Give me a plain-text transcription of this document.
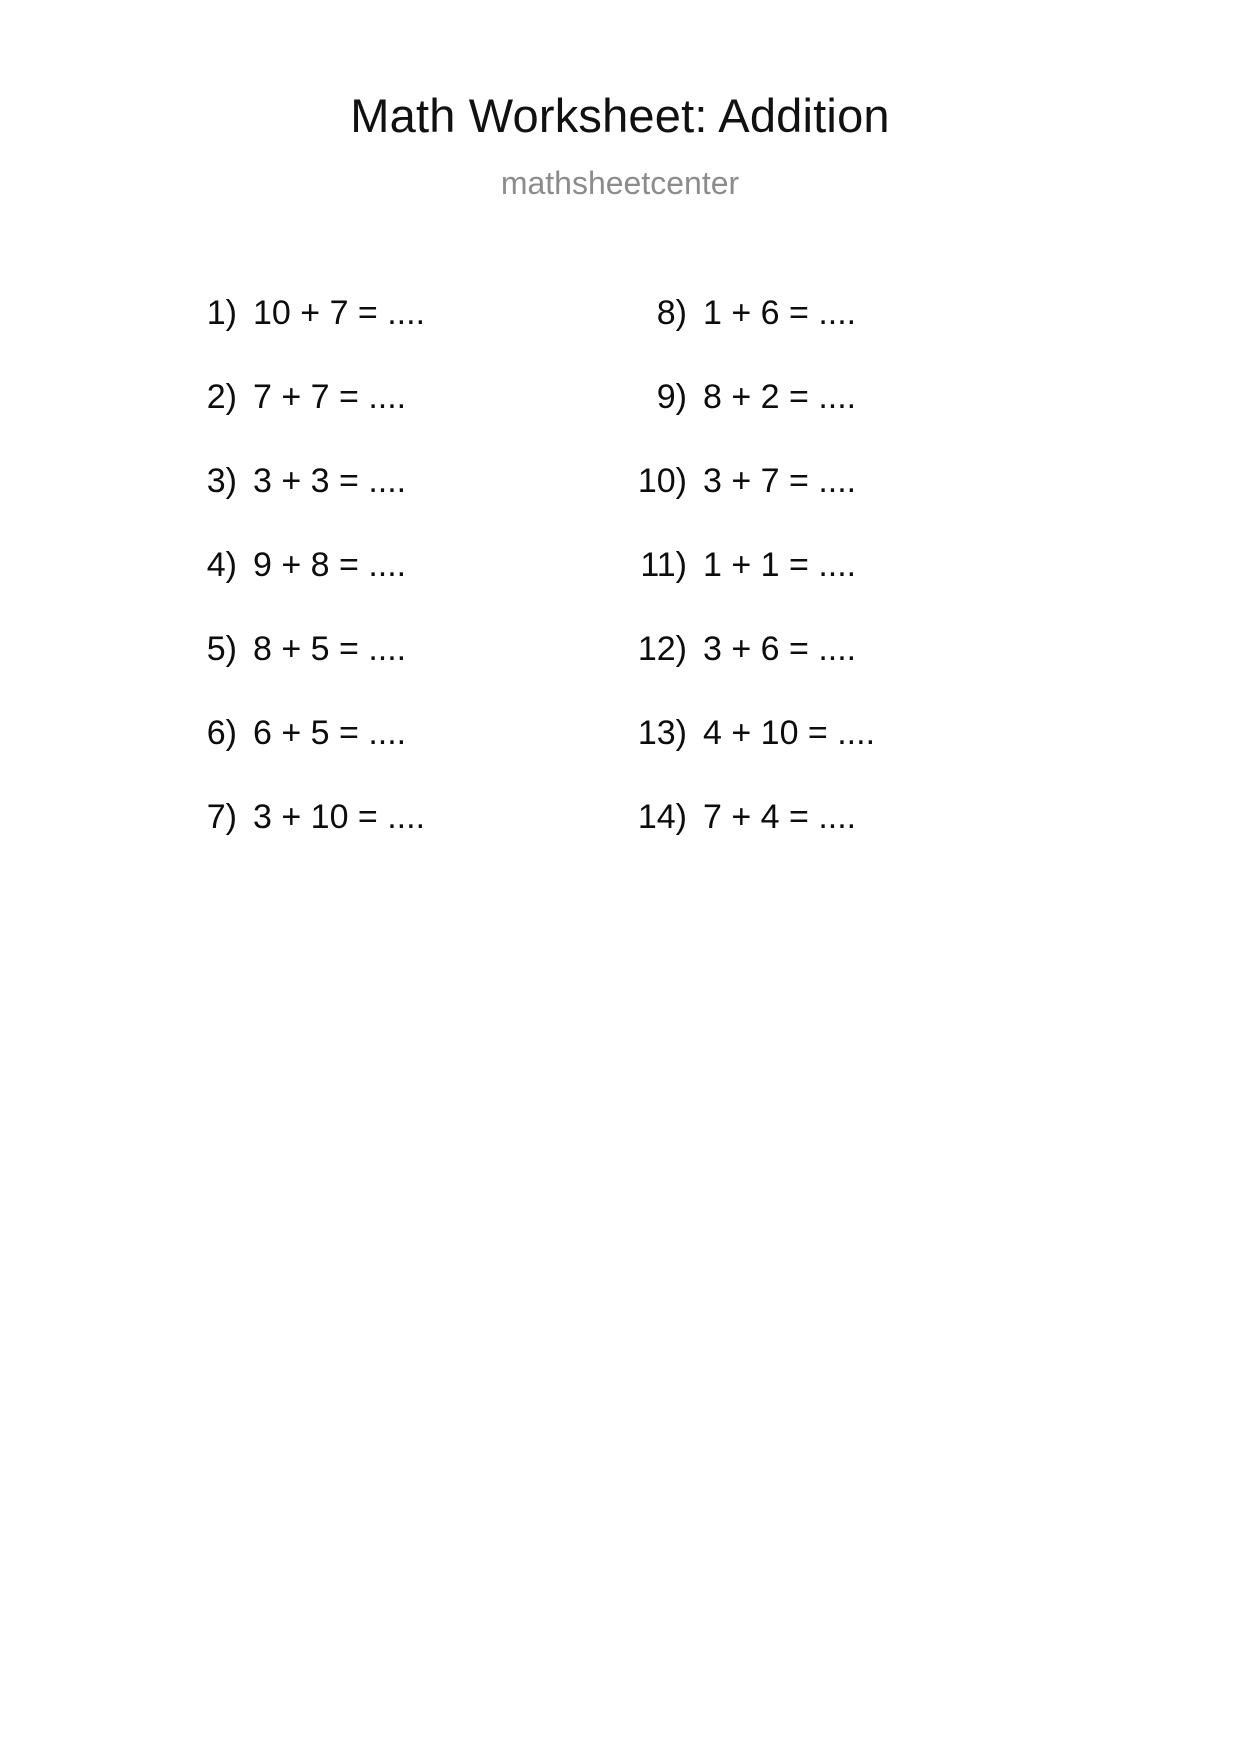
Math Worksheet: Addition
mathsheetcenter
1) 10 + 7 = ....
2) 7 + 7 = ....
3) 3 + 3 = ....
4) 9 + 8 = ....
5) 8 + 5 = ....
6) 6 + 5 = ....
7) 3 + 10 = ....
8) 1 + 6 = ....
9) 8 + 2 = ....
10) 3 + 7 = ....
11) 1 + 1 = ....
12) 3 + 6 = ....
13) 4 + 10 = ....
14) 7 + 4 = ....
